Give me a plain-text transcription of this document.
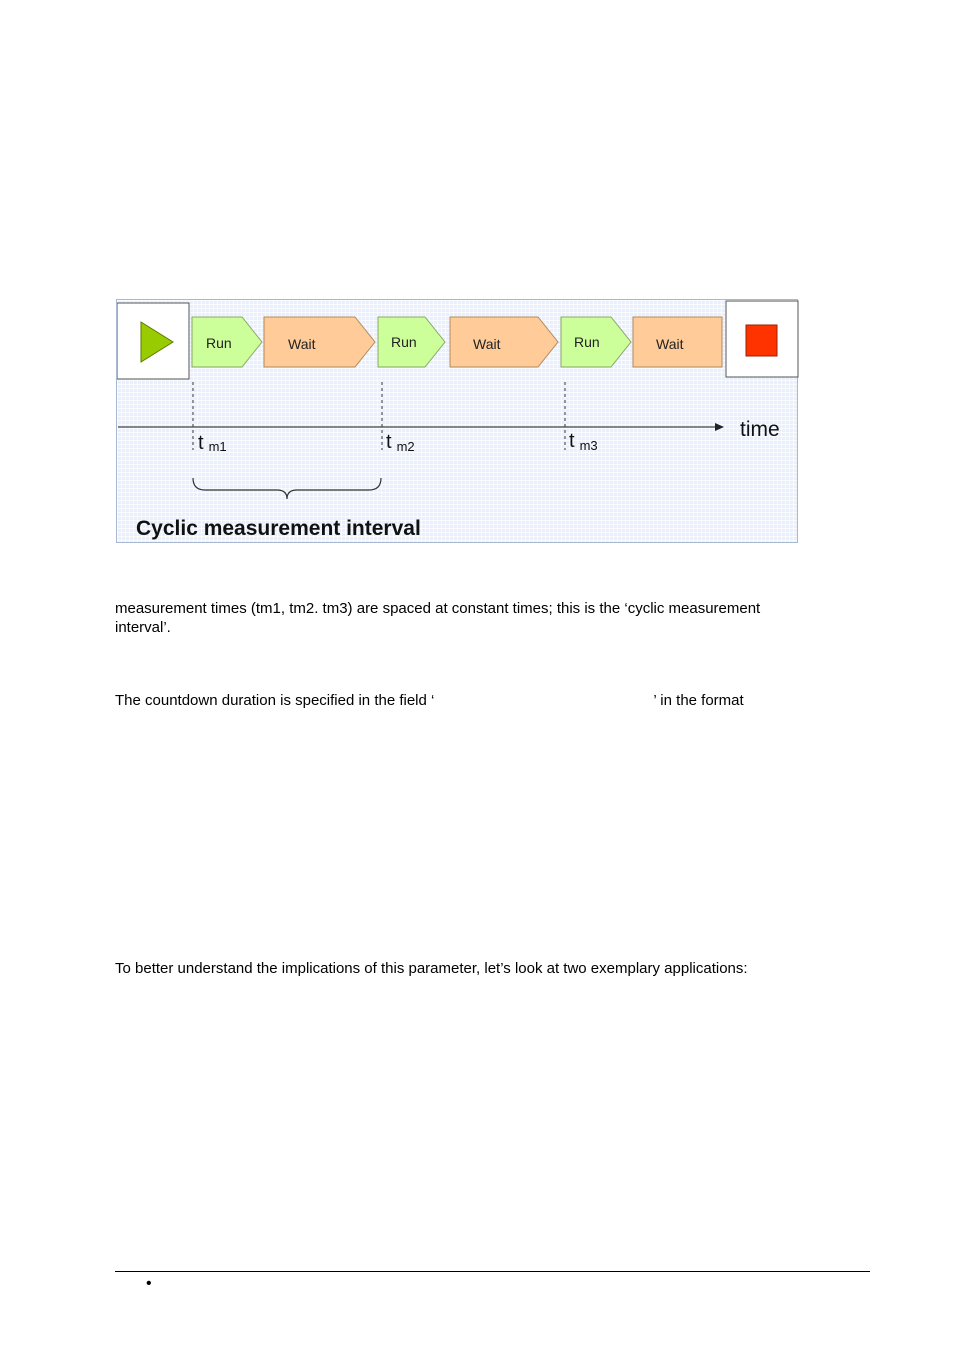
Run	Wait	Run	Wait	Run	Wait
time
tm1	tm2	tm3
Cyclic measurement interval

measurement times (tm1, tm2. tm3) are spaced at constant times; this is the ‘cyclic measurement interval’.

The countdown duration is specified in the field ‘	’ in the format

To better understand the implications of this parameter, let’s look at two exemplary applications:

•
